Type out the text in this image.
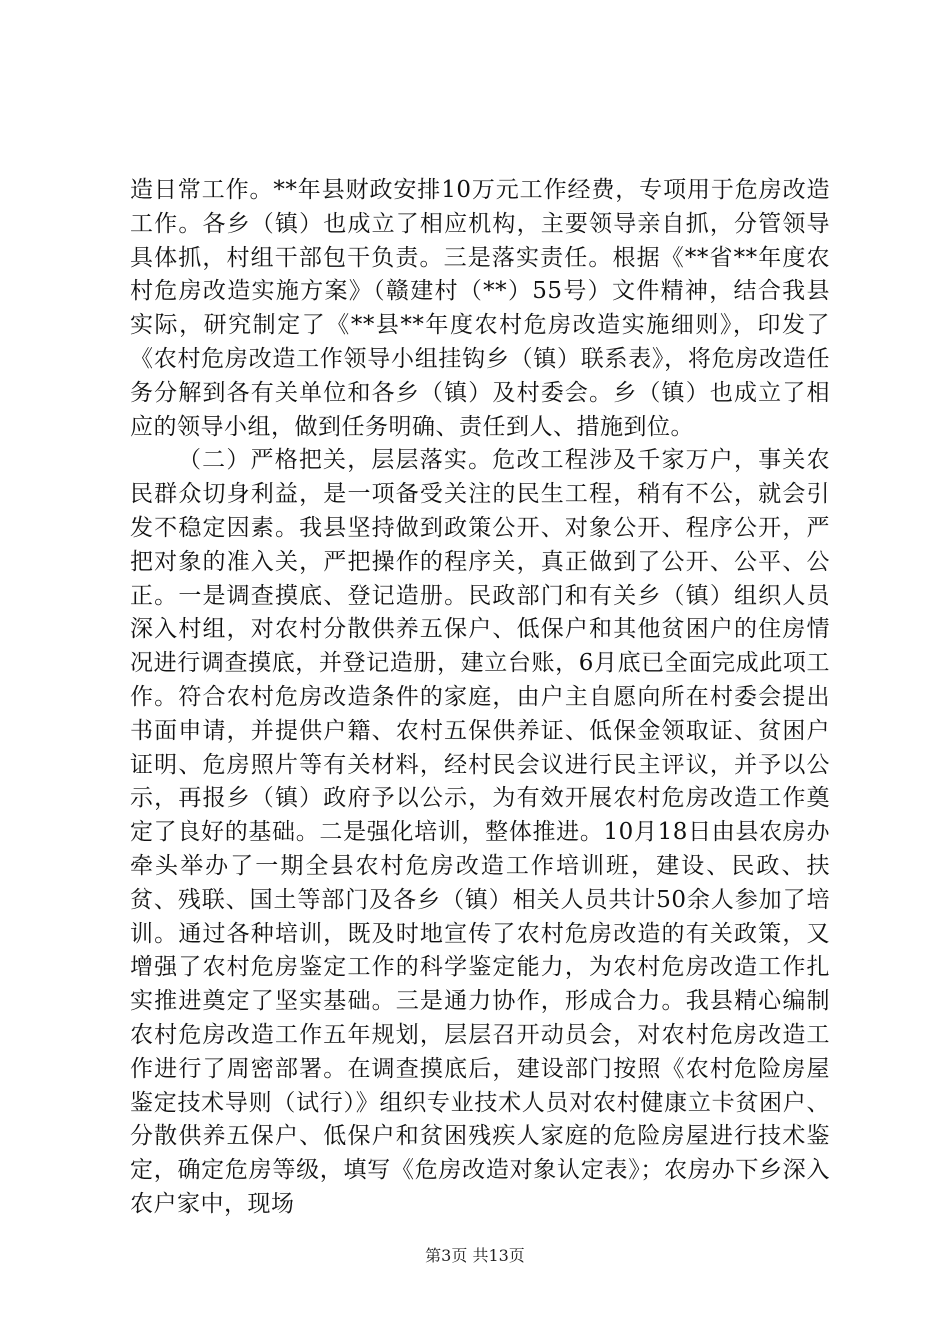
造日常工作。**年县财政安排10万元工作经费，专项用于危房改造工作。各乡（镇）也成立了相应机构，主要领导亲自抓，分管领导具体抓，村组干部包干负责。三是落实责任。根据《**省**年度农村危房改造实施方案》（赣建村（**）55号）文件精神，结合我县实际，研究制定了《**县**年度农村危房改造实施细则》，印发了《农村危房改造工作领导小组挂钩乡（镇）联系表》，将危房改造任务分解到各有关单位和各乡（镇）及村委会。乡（镇）也成立了相应的领导小组，做到任务明确、责任到人、措施到位。

（二）严格把关，层层落实。危改工程涉及千家万户，事关农民群众切身利益，是一项备受关注的民生工程，稍有不公，就会引发不稳定因素。我县坚持做到政策公开、对象公开、程序公开，严把对象的准入关，严把操作的程序关，真正做到了公开、公平、公正。一是调查摸底、登记造册。民政部门和有关乡（镇）组织人员深入村组，对农村分散供养五保户、低保户和其他贫困户的住房情况进行调查摸底，并登记造册，建立台账，6月底已全面完成此项工作。符合农村危房改造条件的家庭，由户主自愿向所在村委会提出书面申请，并提供户籍、农村五保供养证、低保金领取证、贫困户证明、危房照片等有关材料，经村民会议进行民主评议，并予以公示，再报乡（镇）政府予以公示，为有效开展农村危房改造工作奠定了良好的基础。二是强化培训，整体推进。10月18日由县农房办牵头举办了一期全县农村危房改造工作培训班，建设、民政、扶贫、残联、国土等部门及各乡（镇）相关人员共计50余人参加了培训。通过各种培训，既及时地宣传了农村危房改造的有关政策，又增强了农村危房鉴定工作的科学鉴定能力，为农村危房改造工作扎实推进奠定了坚实基础。三是通力协作，形成合力。我县精心编制农村危房改造工作五年规划，层层召开动员会，对农村危房改造工作进行了周密部署。在调查摸底后，建设部门按照《农村危险房屋鉴定技术导则（试行）》组织专业技术人员对农村健康立卡贫困户、分散供养五保户、低保户和贫困残疾人家庭的危险房屋进行技术鉴定，确定危房等级，填写《危房改造对象认定表》；农房办下乡深入农户家中，现场

第3页 共13页
